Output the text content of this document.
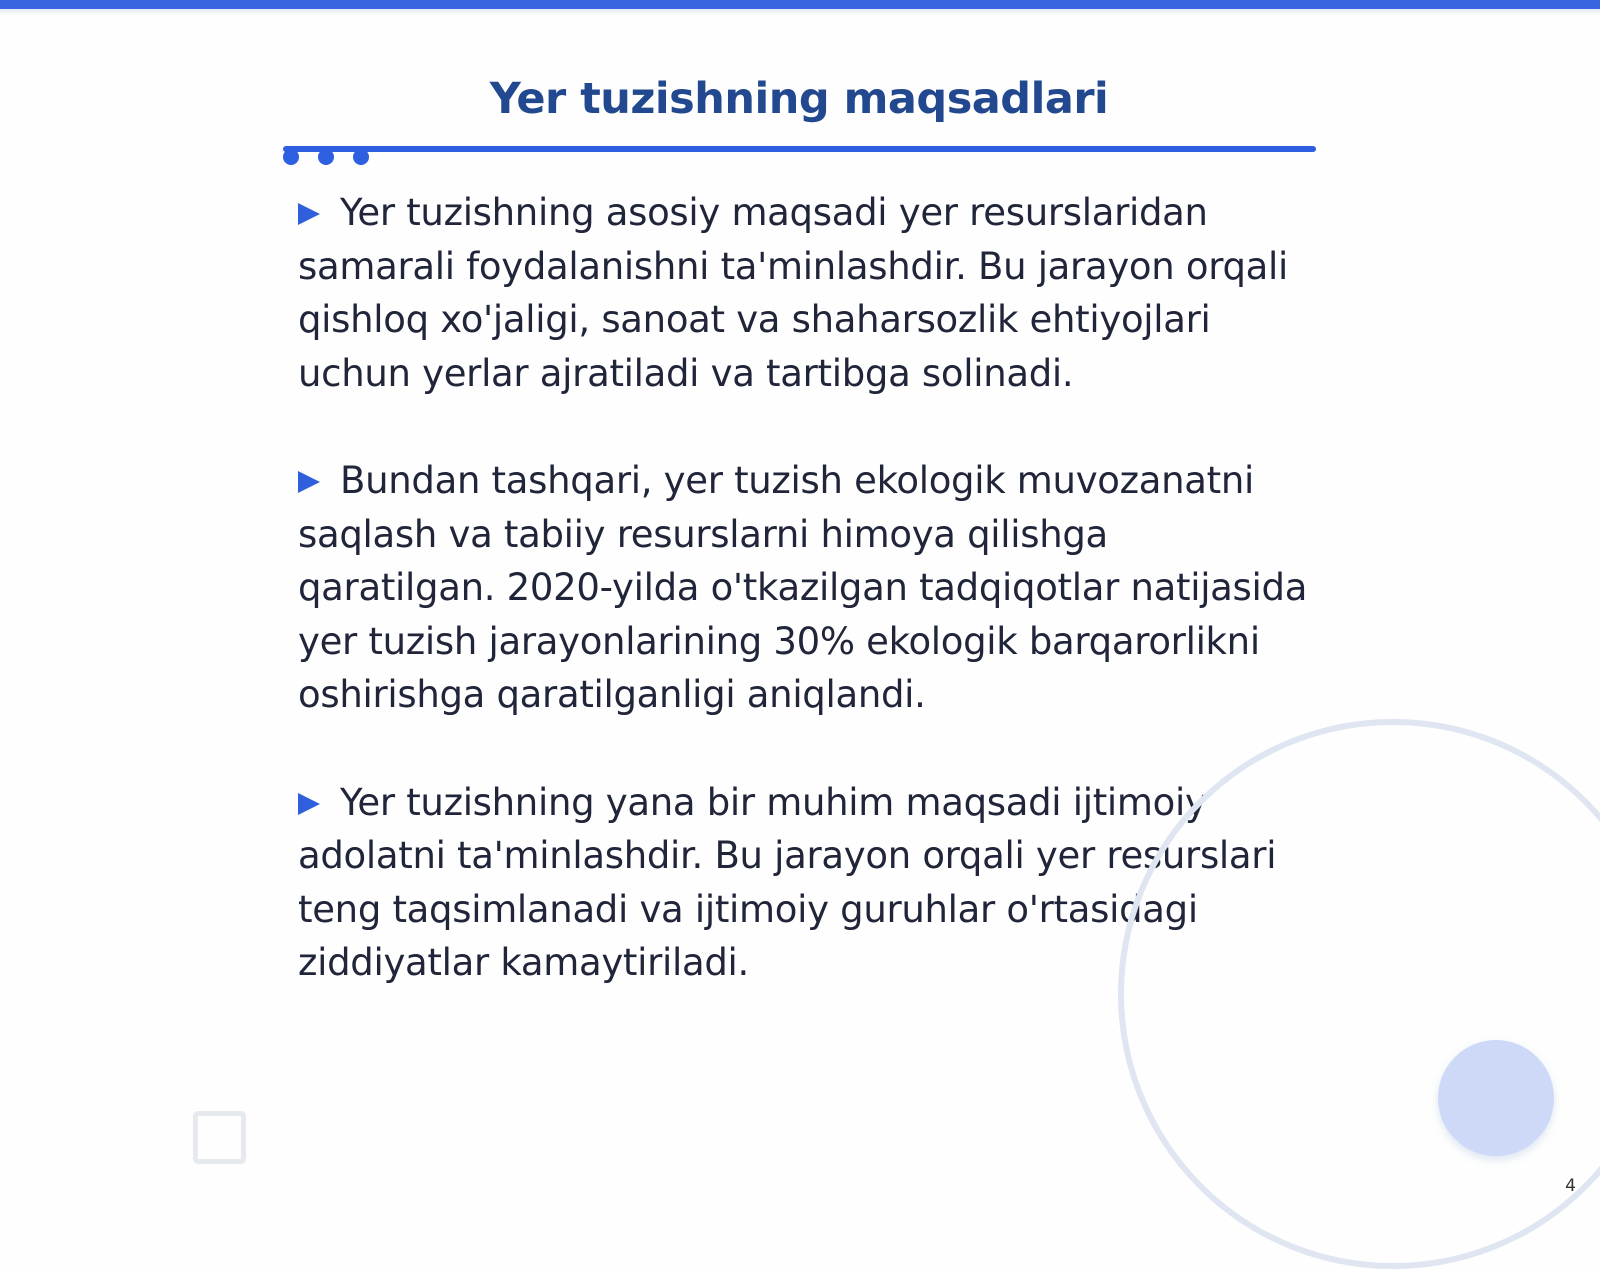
Yer tuzishning maqsadlari
Yer tuzishning asosiy maqsadi yer resurslaridan samarali foydalanishni ta'minlashdir. Bu jarayon orqali qishloq xo'jaligi, sanoat va shaharsozlik ehtiyojlari uchun yerlar ajratiladi va tartibga solinadi.
Bundan tashqari, yer tuzish ekologik muvozanatni saqlash va tabiiy resurslarni himoya qilishga qaratilgan. 2020-yilda o'tkazilgan tadqiqotlar natijasida yer tuzish jarayonlarining 30% ekologik barqarorlikni oshirishga qaratilganligi aniqlandi.
Yer tuzishning yana bir muhim maqsadi ijtimoiy adolatni ta'minlashdir. Bu jarayon orqali yer resurslari teng taqsimlanadi va ijtimoiy guruhlar o'rtasidagi ziddiyatlar kamaytiriladi.
4
